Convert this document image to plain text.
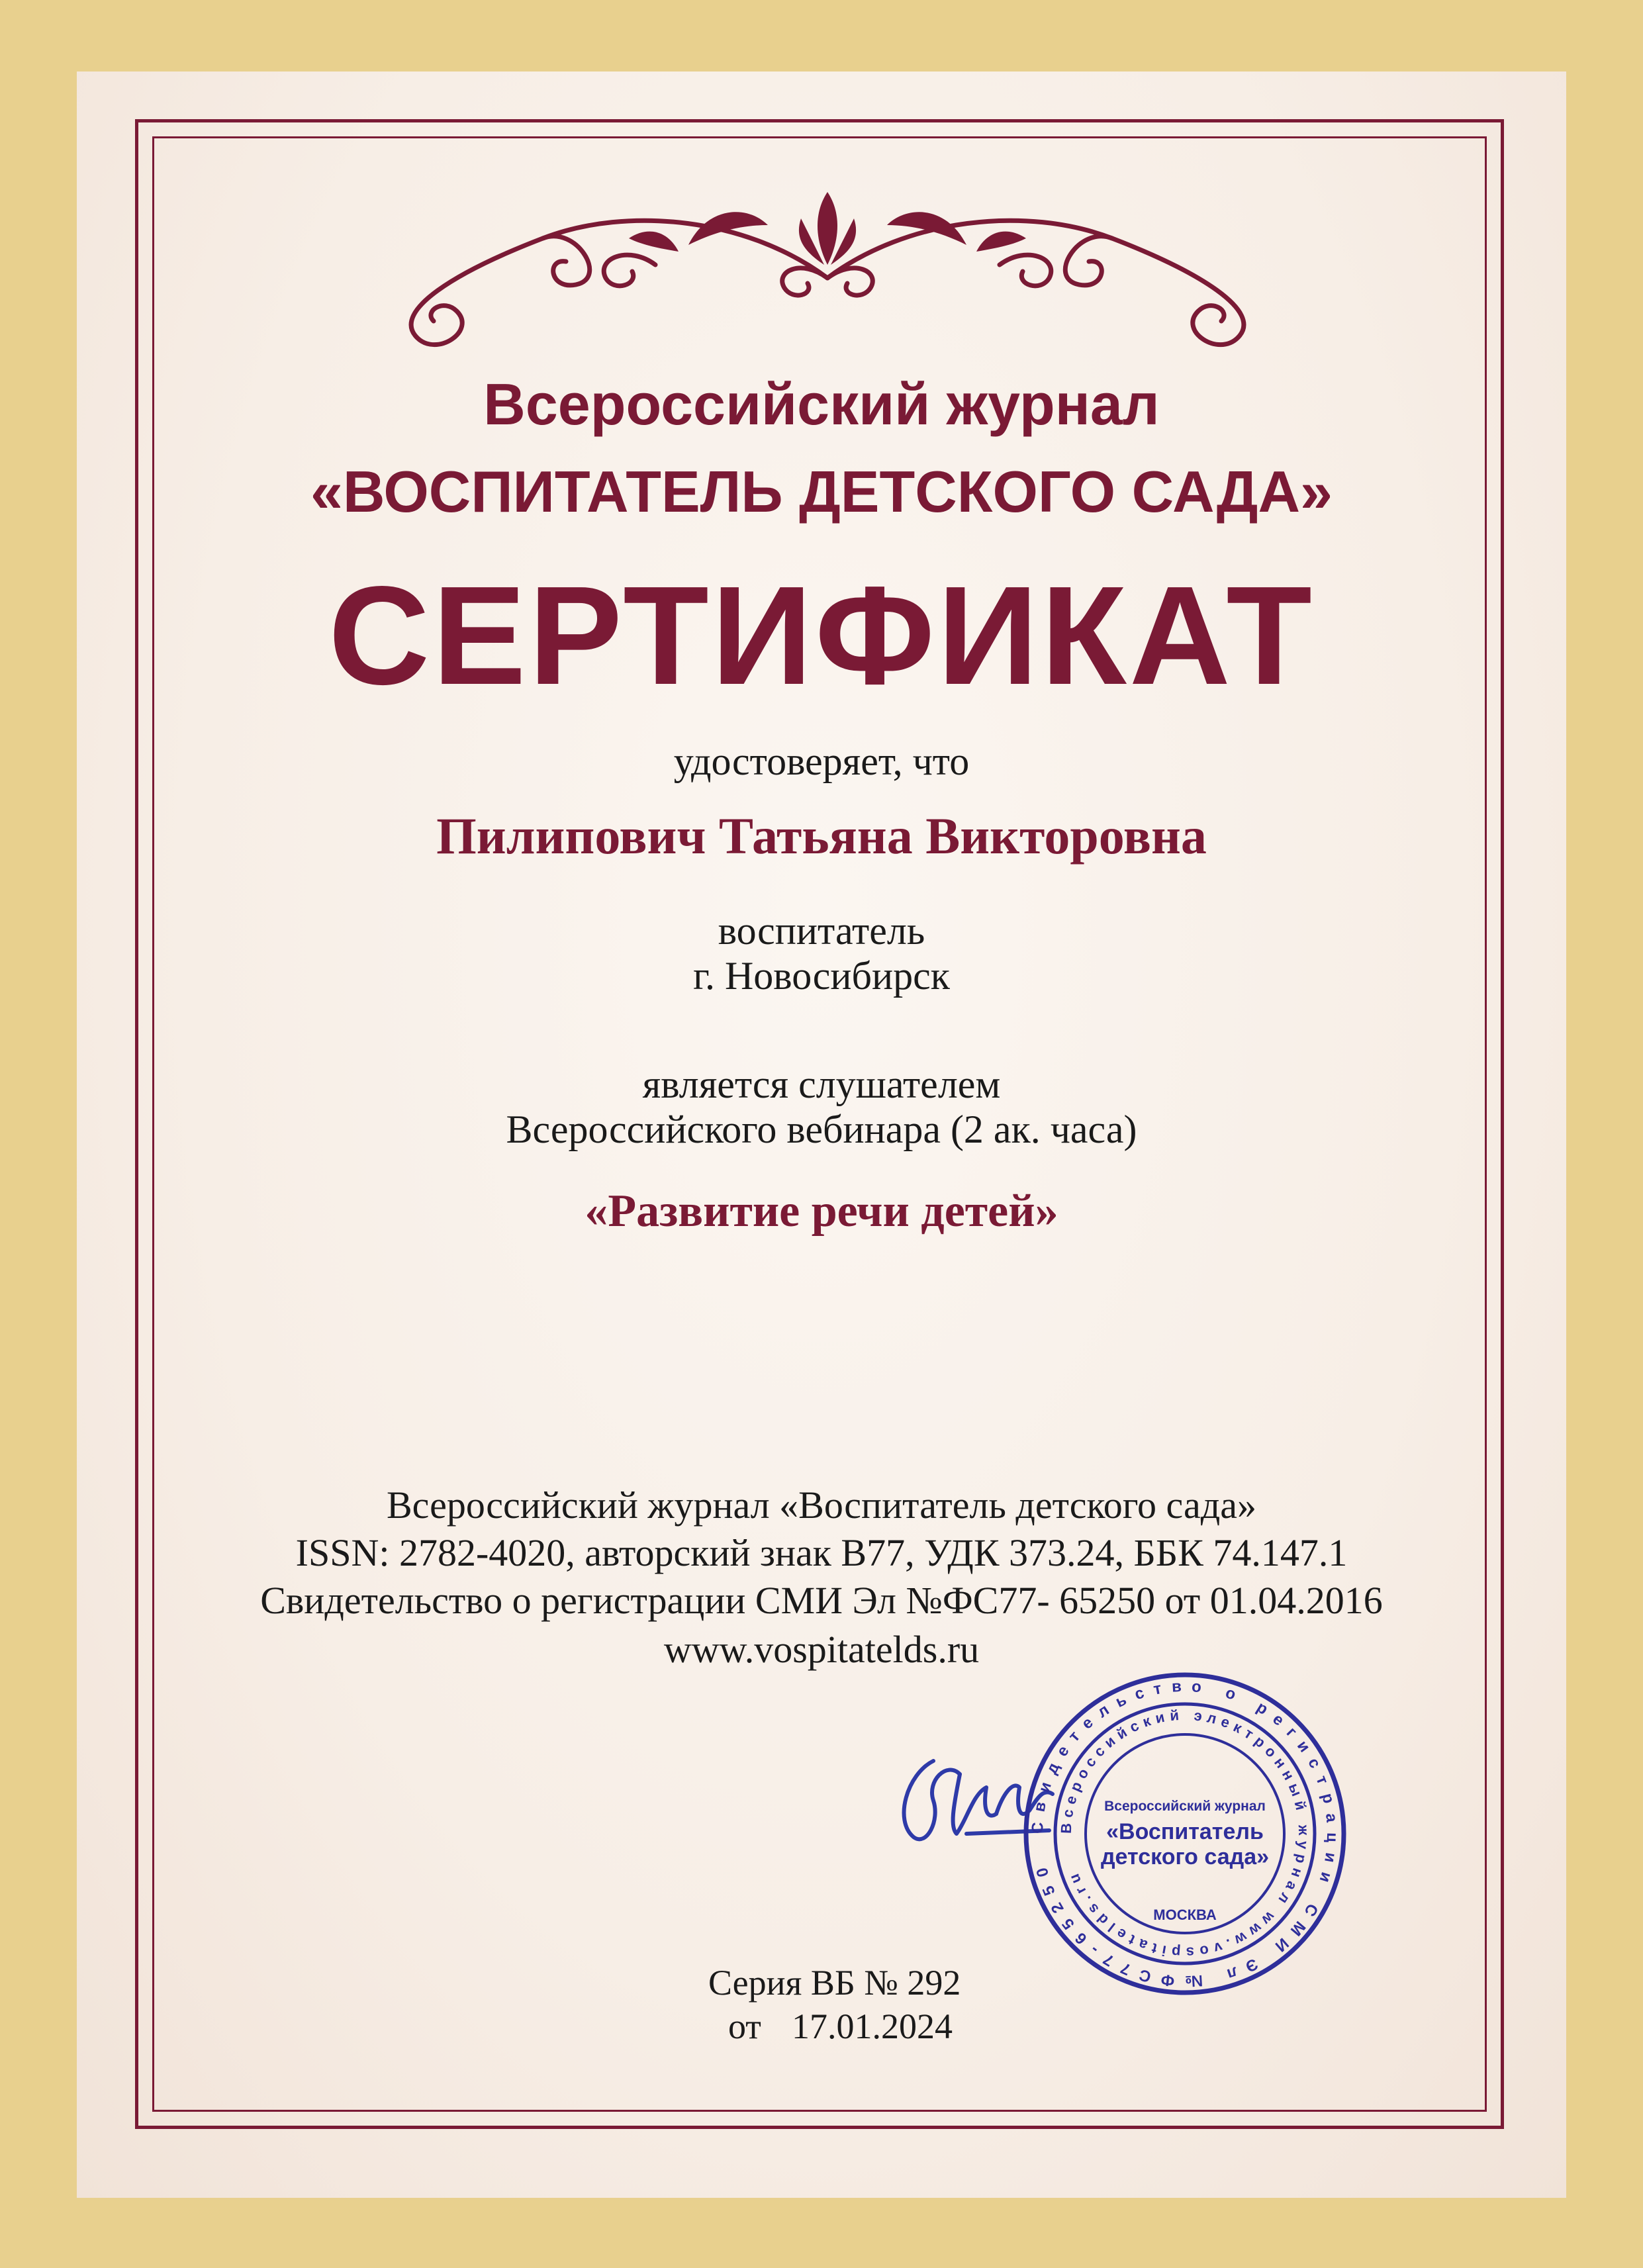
Всероссийский журнал
«ВОСПИТАТЕЛЬ ДЕТСКОГО САДА»
СЕРТИФИКАТ
удостоверяет, что
Пилипович Татьяна Викторовна
воспитатель
г. Новосибирск
является слушателем
Всероссийского вебинара (2 ак. часа)
«Развитие речи детей»
Всероссийский журнал «Воспитатель детского сада»
ISSN: 2782-4020, авторский знак В77, УДК 373.24, ББК 74.147.1
Свидетельство о регистрации СМИ Эл №ФС77- 65250 от 01.04.2016
www.vospitatelds.ru
Свидетельство о регистрации СМИ Эл №ФС77-65250
Всероссийский электронный журнал www.vospitatelds.ru
Всероссийский журнал
«Воспитатель
детского сада»
МОСКВА
Серия ВБ № 292
от 17.01.2024
